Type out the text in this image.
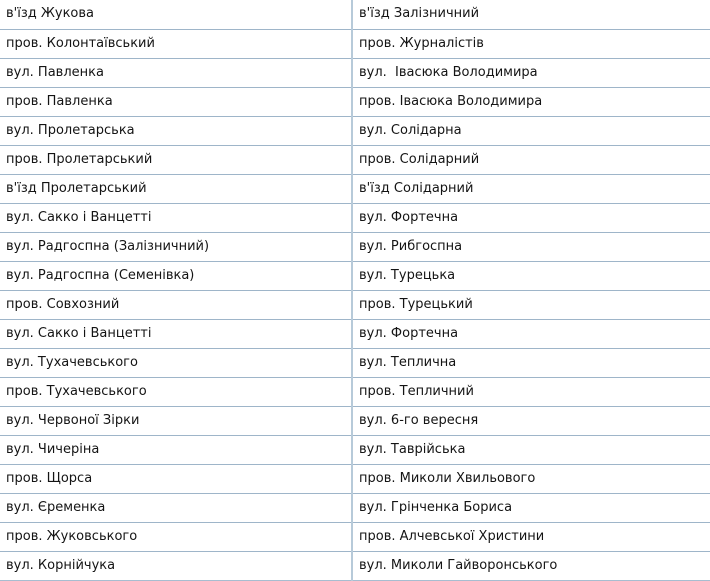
в'їзд Жукова	в'їзд Залізничний
пров. Колонтаївський	пров. Журналістів
вул. Павленка	вул.  Івасюка Володимира
пров. Павленка	пров. Івасюка Володимира
вул. Пролетарська	вул. Солідарна
пров. Пролетарський	пров. Солідарний
в'їзд Пролетарський	в'їзд Солідарний
вул. Сакко і Ванцетті	вул. Фортечна
вул. Радгоспна (Залізничний)	вул. Рибгоспна
вул. Радгоспна (Семенівка)	вул. Турецька
пров. Совхозний	пров. Турецький
вул. Сакко і Ванцетті	вул. Фортечна
вул. Тухачевського	вул. Теплична
пров. Тухачевського	пров. Тепличний
вул. Червоної Зірки	вул. 6-го вересня
вул. Чичеріна	вул. Таврійська
пров. Щорса	пров. Миколи Хвильового
вул. Єременка	вул. Грінченка Бориса
пров. Жуковського	пров. Алчевської Христини
вул. Корнійчука	вул. Миколи Гайворонського
